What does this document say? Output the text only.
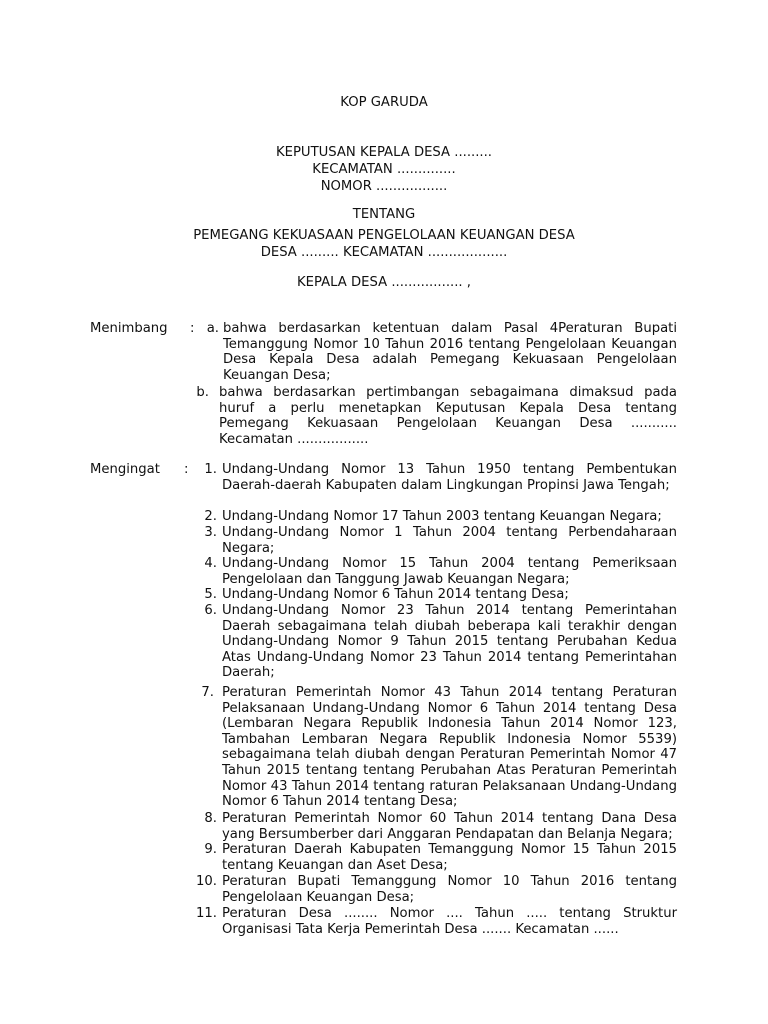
KOP GARUDA
KEPUTUSAN KEPALA DESA .........
KECAMATAN ..............
NOMOR .................
TENTANG
PEMEGANG KEKUASAAN PENGELOLAAN KEUANGAN DESA
DESA ......... KECAMATAN ...................
KEPALA DESA ................. ,
Menimbang : a. bahwa berdasarkan ketentuan dalam Pasal 4Peraturan Bupati Temanggung Nomor 10 Tahun 2016 tentang Pengelolaan Keuangan Desa Kepala Desa adalah Pemegang Kekuasaan Pengelolaan Keuangan Desa;
b. bahwa berdasarkan pertimbangan sebagaimana dimaksud pada huruf a perlu menetapkan Keputusan Kepala Desa tentang Pemegang Kekuasaan Pengelolaan Keuangan Desa ........... Kecamatan .................
Mengingat :	1. Undang-Undang Nomor 13 Tahun 1950 tentang Pembentukan Daerah-daerah Kabupaten dalam Lingkungan Propinsi Jawa Tengah;
2. Undang-Undang Nomor 17 Tahun 2003 tentang Keuangan Negara;
3. Undang-Undang Nomor 1 Tahun 2004 tentang Perbendaharaan Negara;
4. Undang-Undang Nomor 15 Tahun 2004 tentang Pemeriksaan Pengelolaan dan Tanggung Jawab Keuangan Negara;
5. Undang-Undang Nomor 6 Tahun 2014 tentang Desa;
6. Undang-Undang Nomor 23 Tahun 2014 tentang Pemerintahan Daerah sebagaimana telah diubah beberapa kali terakhir dengan Undang-Undang Nomor 9 Tahun 2015 tentang Perubahan Kedua Atas Undang-Undang Nomor 23 Tahun 2014 tentang Pemerintahan Daerah;
7. Peraturan Pemerintah Nomor 43 Tahun 2014 tentang Peraturan Pelaksanaan Undang-Undang Nomor 6 Tahun 2014 tentang Desa (Lembaran Negara Republik Indonesia Tahun 2014 Nomor 123, Tambahan Lembaran Negara Republik Indonesia Nomor 5539) sebagaimana telah diubah dengan Peraturan Pemerintah Nomor 47 Tahun 2015 tentang tentang Perubahan Atas Peraturan Pemerintah Nomor 43 Tahun 2014 tentang raturan Pelaksanaan Undang-Undang Nomor 6 Tahun 2014 tentang Desa;
8. Peraturan Pemerintah Nomor 60 Tahun 2014 tentang Dana Desa yang Bersumberber dari Anggaran Pendapatan dan Belanja Negara;
9. Peraturan Daerah Kabupaten Temanggung Nomor 15 Tahun 2015 tentang Keuangan dan Aset Desa;
10. Peraturan Bupati Temanggung Nomor 10 Tahun 2016 tentang Pengelolaan Keuangan Desa;
11. Peraturan Desa ........ Nomor .... Tahun ..... tentang Struktur Organisasi Tata Kerja Pemerintah Desa ....... Kecamatan ......
